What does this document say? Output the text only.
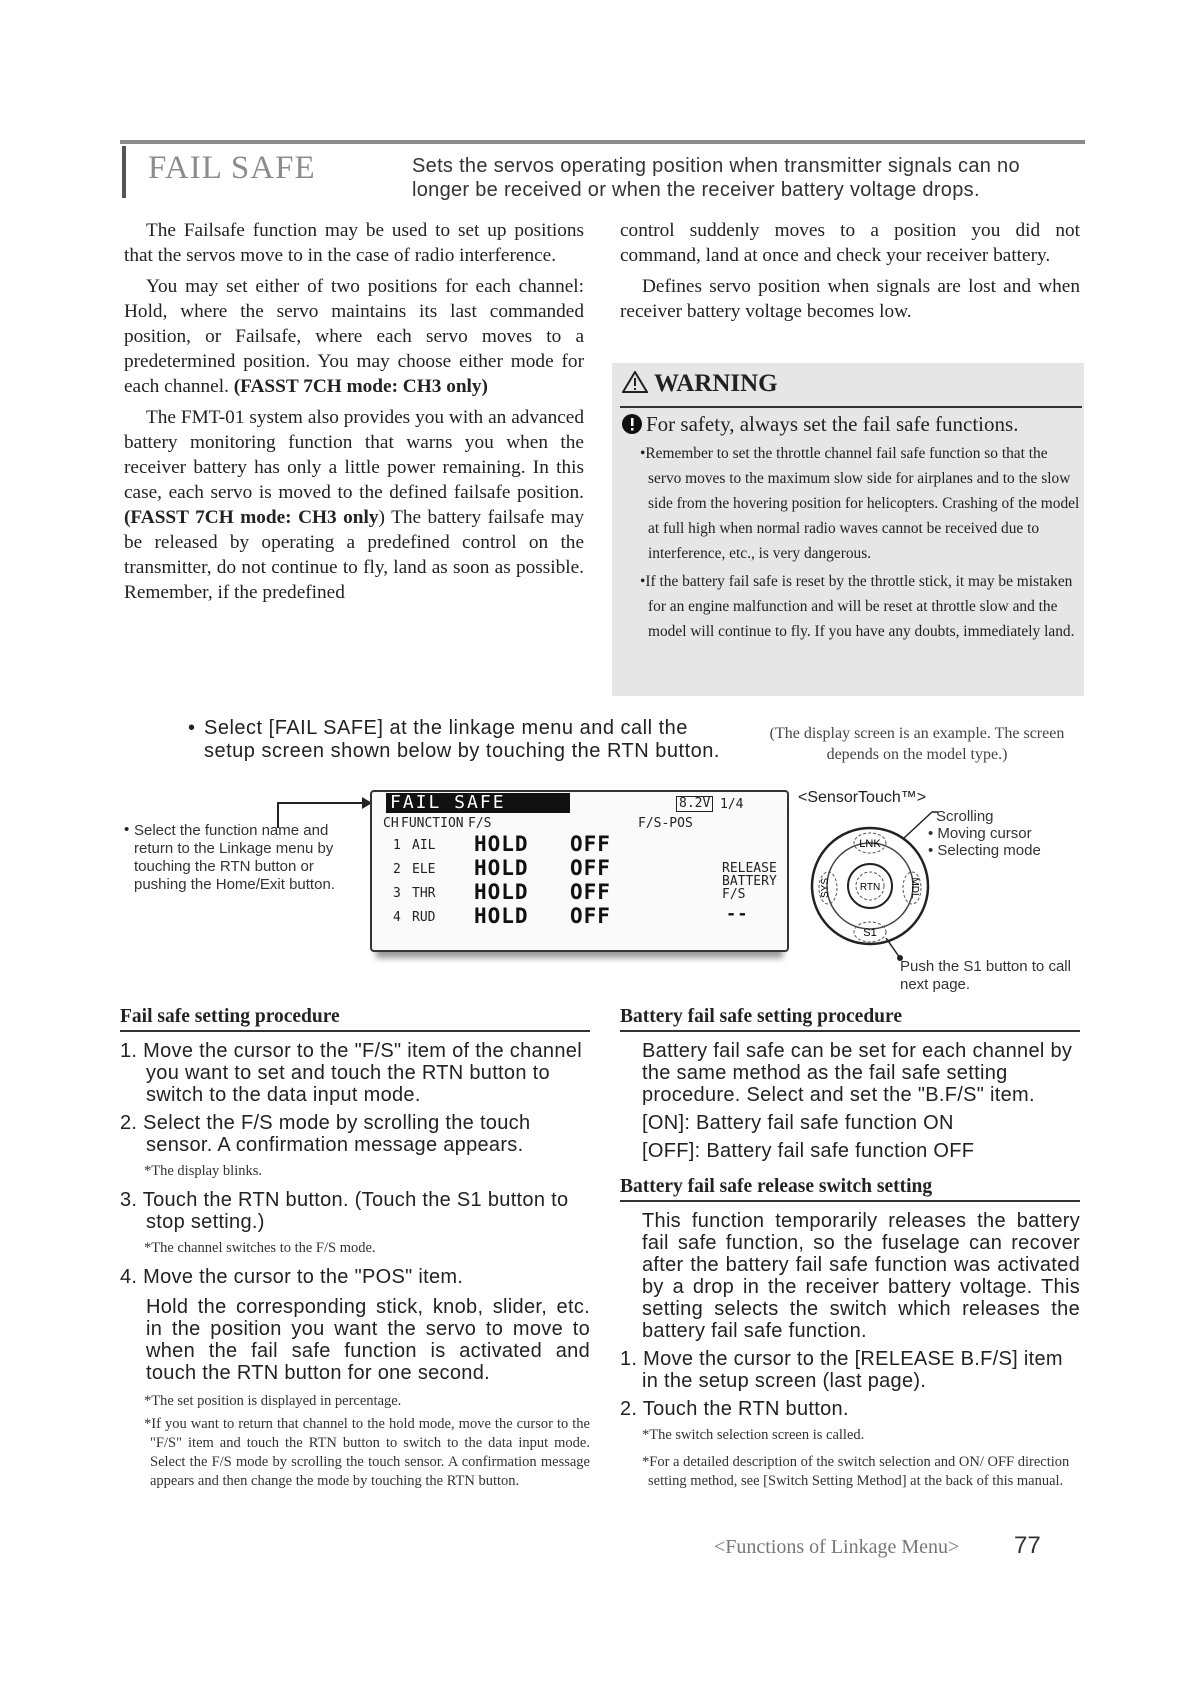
FAIL SAFE	Sets the servos operating position when transmitter signals can no
longer be received or when the receiver battery voltage drops.

The Failsafe function may be used to set up positions that the servos move to in the case of radio interference.

You may set either of two positions for each channel: Hold, where the servo maintains its last commanded position, or Failsafe, where each servo moves to a predetermined position. You may choose either mode for each channel. (FASST 7CH mode: CH3 only)

The FMT-01 system also provides you with an advanced battery monitoring function that warns you when the receiver battery has only a little power remaining. In this case, each servo is moved to the defined failsafe position. (FASST 7CH mode: CH3 only) The battery failsafe may be released by operating a predefined control on the transmitter, do not continue to fly, land as soon as possible. Remember, if the predefined

control suddenly moves to a position you did not command, land at once and check your receiver battery.

Defines servo position when signals are lost and when receiver battery voltage becomes low.

WARNING
For safety, always set the fail safe functions.

•Remember to set the throttle channel fail safe function so that the servo moves to the maximum slow side for airplanes and to the slow side from the hovering position for helicopters. Crashing of the model at full high when normal radio waves cannot be received due to interference, etc., is very dangerous.

•If the battery fail safe is reset by the throttle stick, it may be mistaken for an engine malfunction and will be reset at throttle slow and the model will continue to fly. If you have any doubts, immediately land.

• Select [FAIL SAFE] at the linkage menu and call the setup screen shown below by touching the RTN button.
(The display screen is an example. The screen depends on the model type.)
• Select the function name and return to the Linkage menu by touching the RTN button or pushing the Home/Exit button.
FAIL SAFE	8.2V 1/4
CH FUNCTION F/S	F/S-POS
1 AIL HOLD OFF
2 ELE HOLD OFF
3 THR HOLD OFF
4 RUD HOLD OFF
RELEASE
BATTERY
F/S
--
<SensorTouch™>
LNK
RTN
S1
SYS	MDL
Scrolling
• Moving cursor
• Selecting mode
Push the S1 button to call next page.
Fail safe setting procedure

1. Move the cursor to the "F/S" item of the channel you want to set and touch the RTN button to switch to the data input mode.

2. Select the F/S mode by scrolling the touch sensor. A confirmation message appears.

*The display blinks.

3. Touch the RTN button. (Touch the S1 button to stop setting.)

*The channel switches to the F/S mode.

4. Move the cursor to the "POS" item.

Hold the corresponding stick, knob, slider, etc. in the position you want the servo to move to when the fail safe function is activated and touch the RTN button for one second.

*The set position is displayed in percentage.

*If you want to return that channel to the hold mode, move the cursor to the "F/S" item and touch the RTN button to switch to the data input mode. Select the F/S mode by scrolling the touch sensor. A confirmation message appears and then change the mode by touching the RTN button.

Battery fail safe setting procedure

Battery fail safe can be set for each channel by the same method as the fail safe setting procedure. Select and set the "B.F/S" item.

[ON]: Battery fail safe function ON

[OFF]: Battery fail safe function OFF

Battery fail safe release switch setting

This function temporarily releases the battery fail safe function, so the fuselage can recover after the battery fail safe function was activated by a drop in the receiver battery voltage. This setting selects the switch which releases the battery fail safe function.

1. Move the cursor to the [RELEASE B.F/S] item in the setup screen (last page).

2. Touch the RTN button.

*The switch selection screen is called.

*For a detailed description of the switch selection and ON/ OFF direction setting method, see [Switch Setting Method] at the back of this manual.

<Functions of Linkage Menu> 77
